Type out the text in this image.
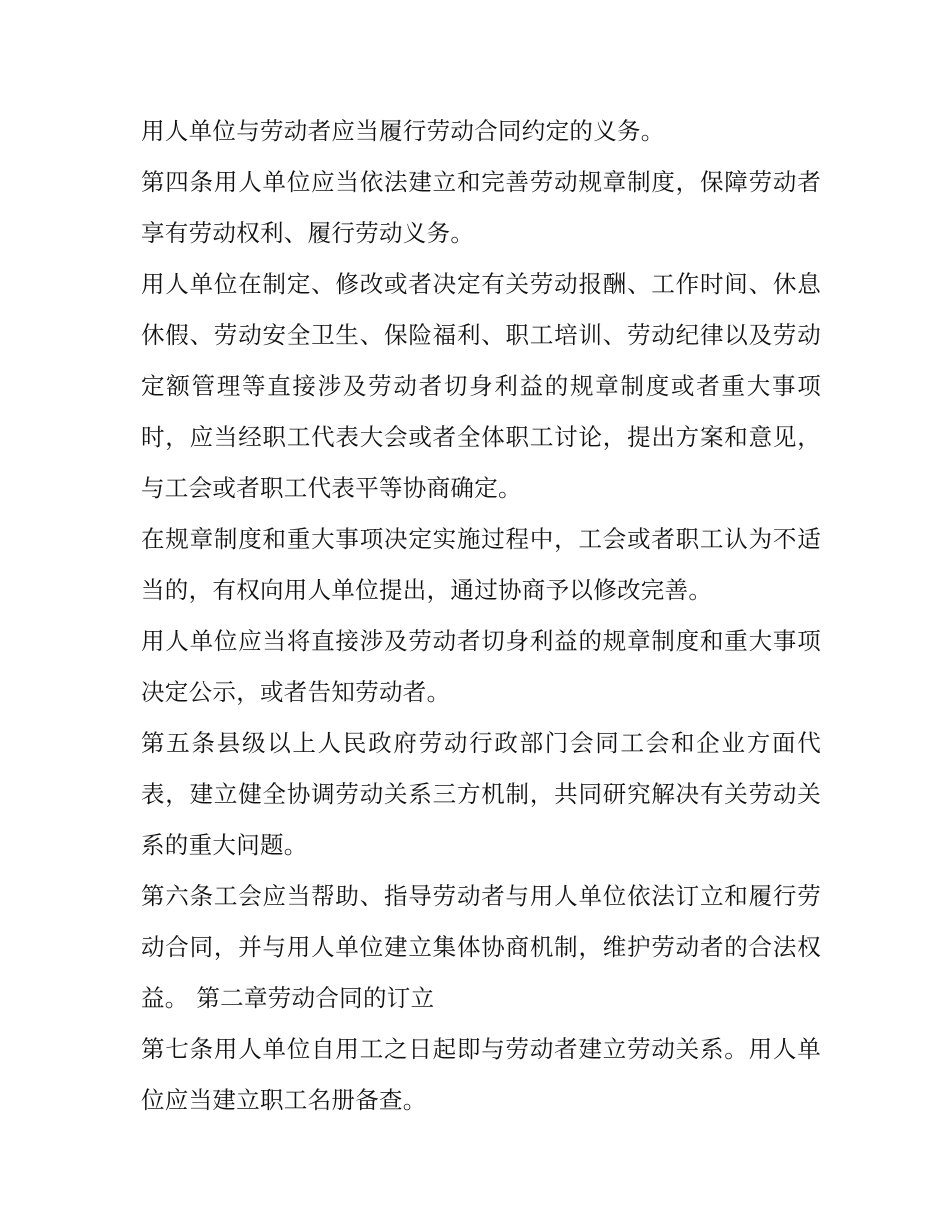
用人单位与劳动者应当履行劳动合同约定的义务。

第四条用人单位应当依法建立和完善劳动规章制度，保障劳动者享有劳动权利、履行劳动义务。

用人单位在制定、修改或者决定有关劳动报酬、工作时间、休息休假、劳动安全卫生、保险福利、职工培训、劳动纪律以及劳动定额管理等直接涉及劳动者切身利益的规章制度或者重大事项时，应当经职工代表大会或者全体职工讨论，提出方案和意见，与工会或者职工代表平等协商确定。

在规章制度和重大事项决定实施过程中，工会或者职工认为不适当的，有权向用人单位提出，通过协商予以修改完善。

用人单位应当将直接涉及劳动者切身利益的规章制度和重大事项决定公示，或者告知劳动者。

第五条县级以上人民政府劳动行政部门会同工会和企业方面代表，建立健全协调劳动关系三方机制，共同研究解决有关劳动关系的重大问题。

第六条工会应当帮助、指导劳动者与用人单位依法订立和履行劳动合同，并与用人单位建立集体协商机制，维护劳动者的合法权益。 第二章劳动合同的订立

第七条用人单位自用工之日起即与劳动者建立劳动关系。用人单位应当建立职工名册备查。
